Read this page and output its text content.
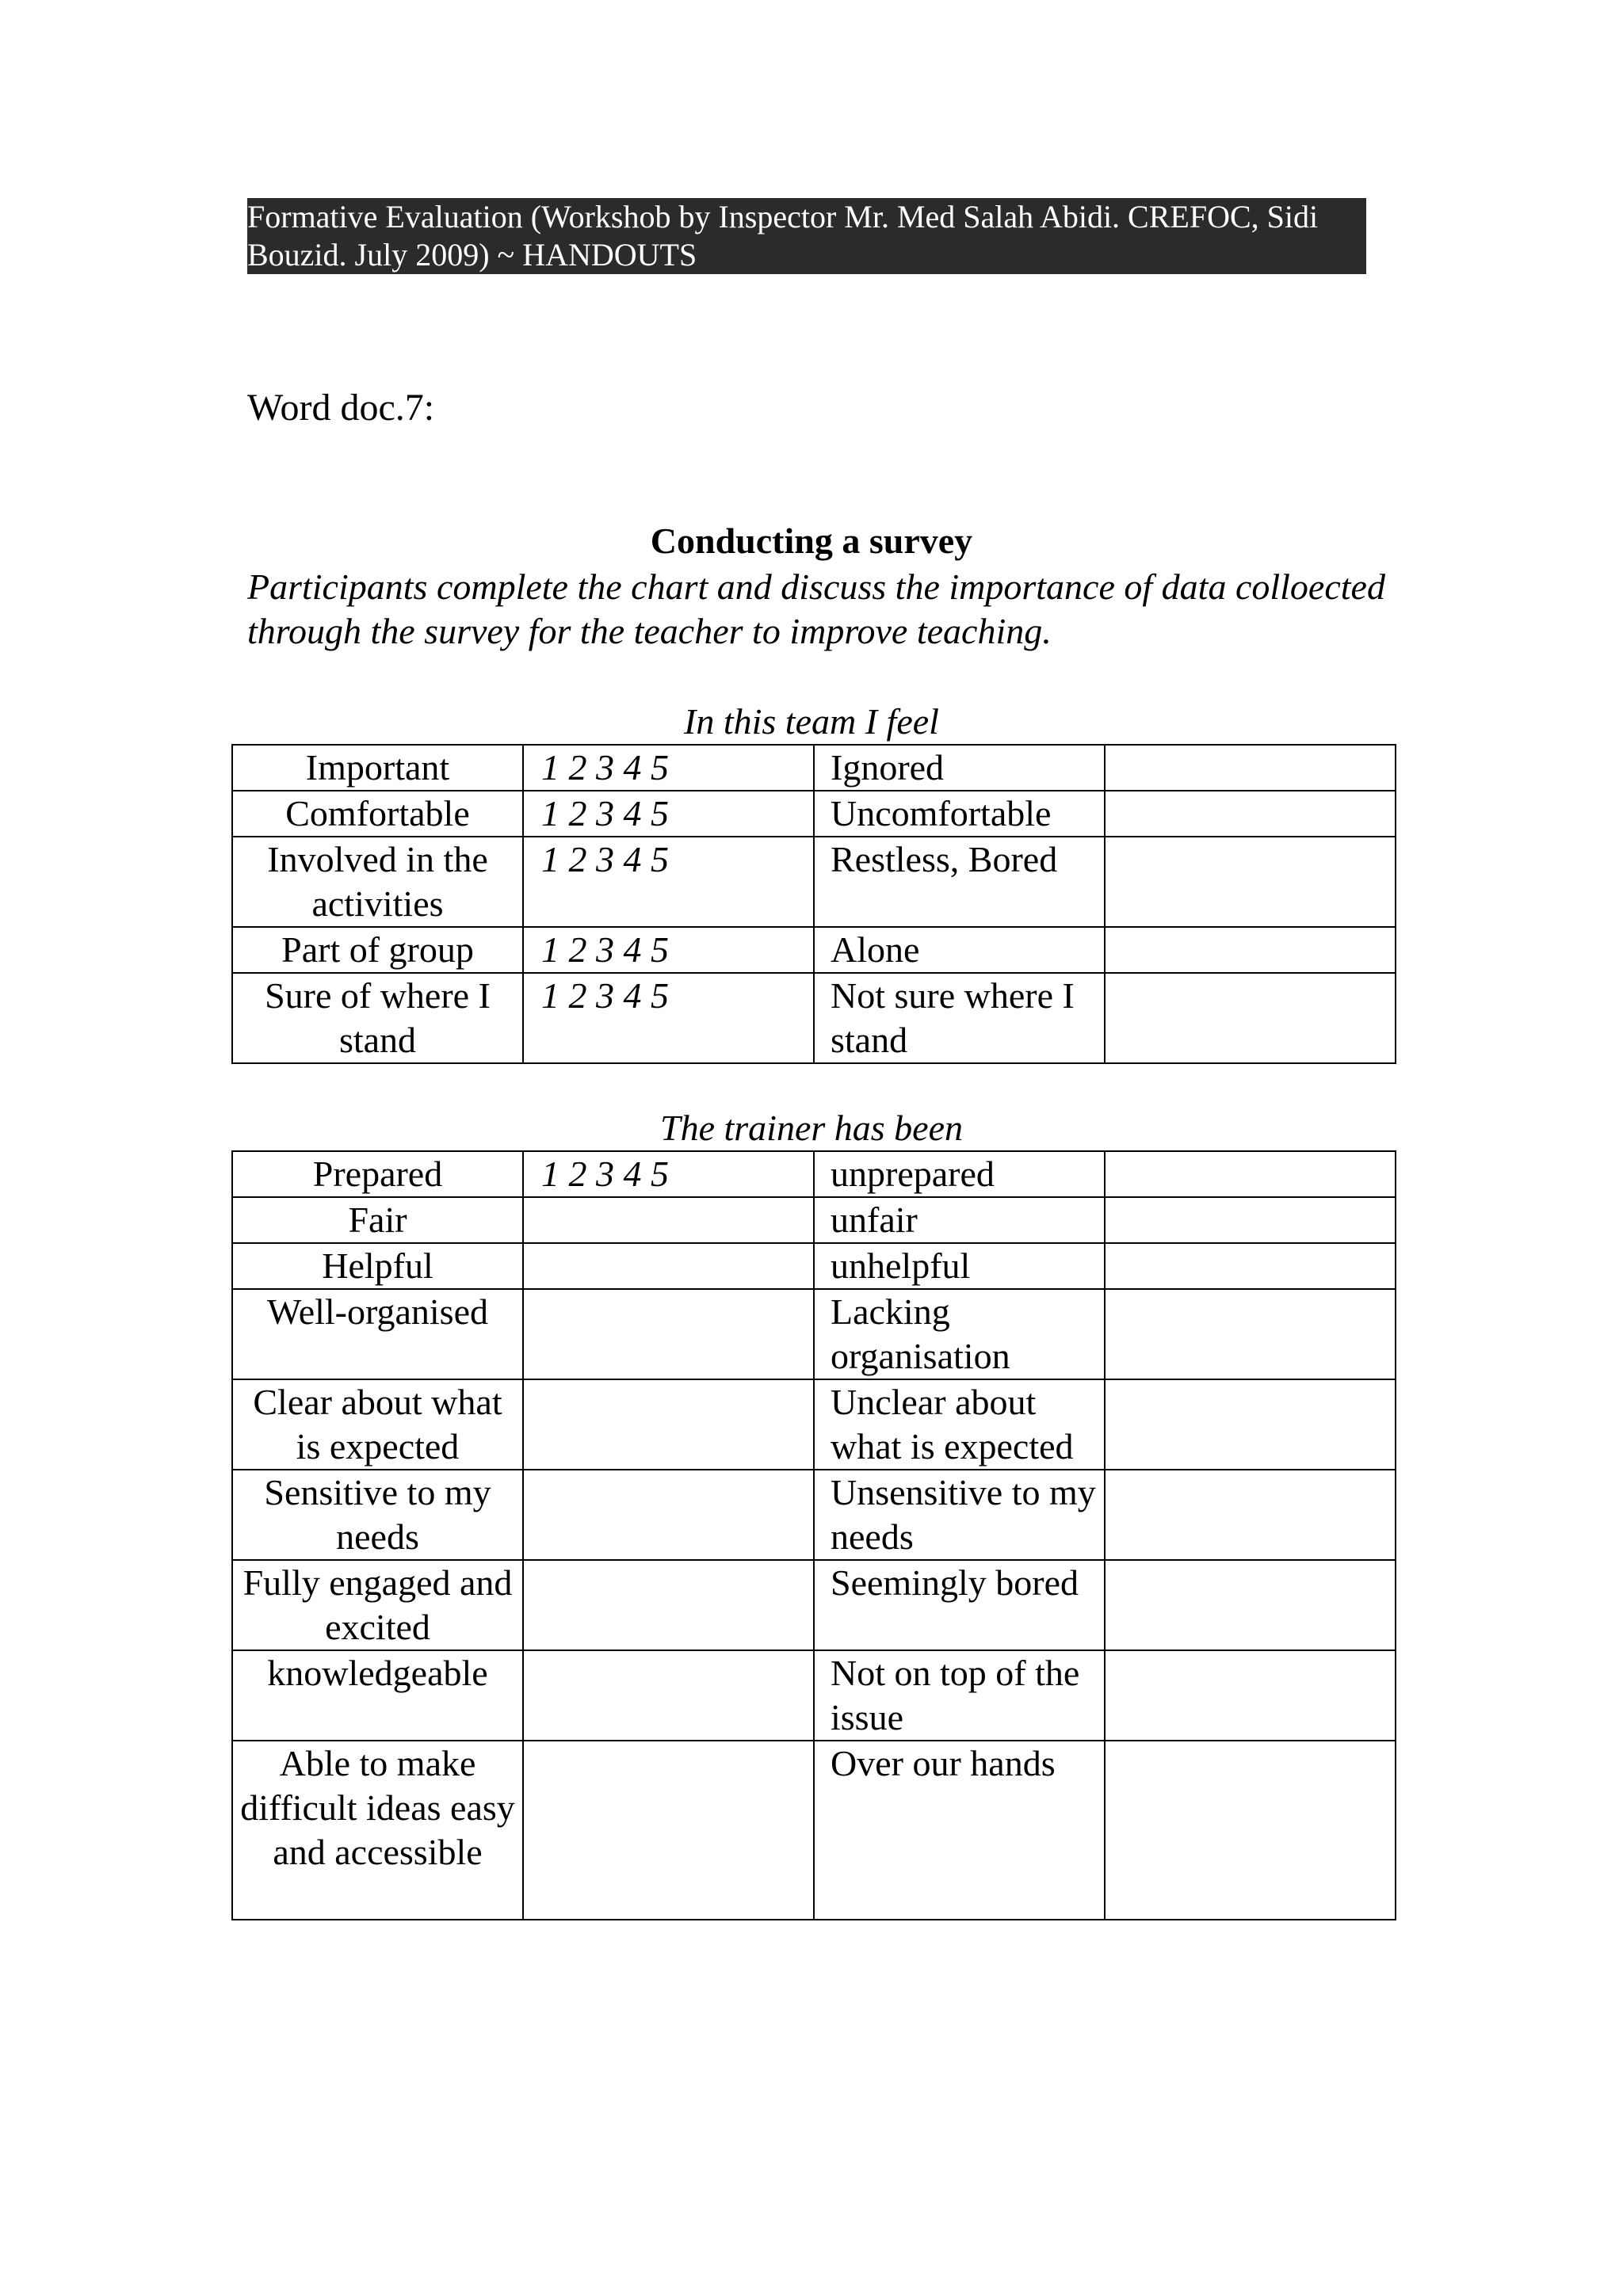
Formative Evaluation (Workshob by Inspector Mr. Med Salah Abidi. CREFOC, Sidi
Bouzid. July 2009) ~ HANDOUTS
Word doc.7:
Conducting a survey
Participants complete the chart and discuss the importance of data colloected through the survey for the teacher to improve teaching.
In this team I feel
Important	1 2 3 4 5	Ignored	
Comfortable	1 2 3 4 5	Uncomfortable	
Involved in the activities	1 2 3 4 5	Restless, Bored	
Part of group	1 2 3 4 5	Alone	
Sure of where I stand	1 2 3 4 5	Not sure where I stand	
The trainer has been
Prepared	1 2 3 4 5	unprepared	
Fair		unfair	
Helpful		unhelpful	
Well-organised		Lacking organisation	
Clear about what is expected		Unclear about what is expected	
Sensitive to my needs		Unsensitive to my needs	
Fully engaged and excited		Seemingly bored	
knowledgeable		Not on top of the issue	
Able to make difficult ideas easy and accessible		Over our hands	
